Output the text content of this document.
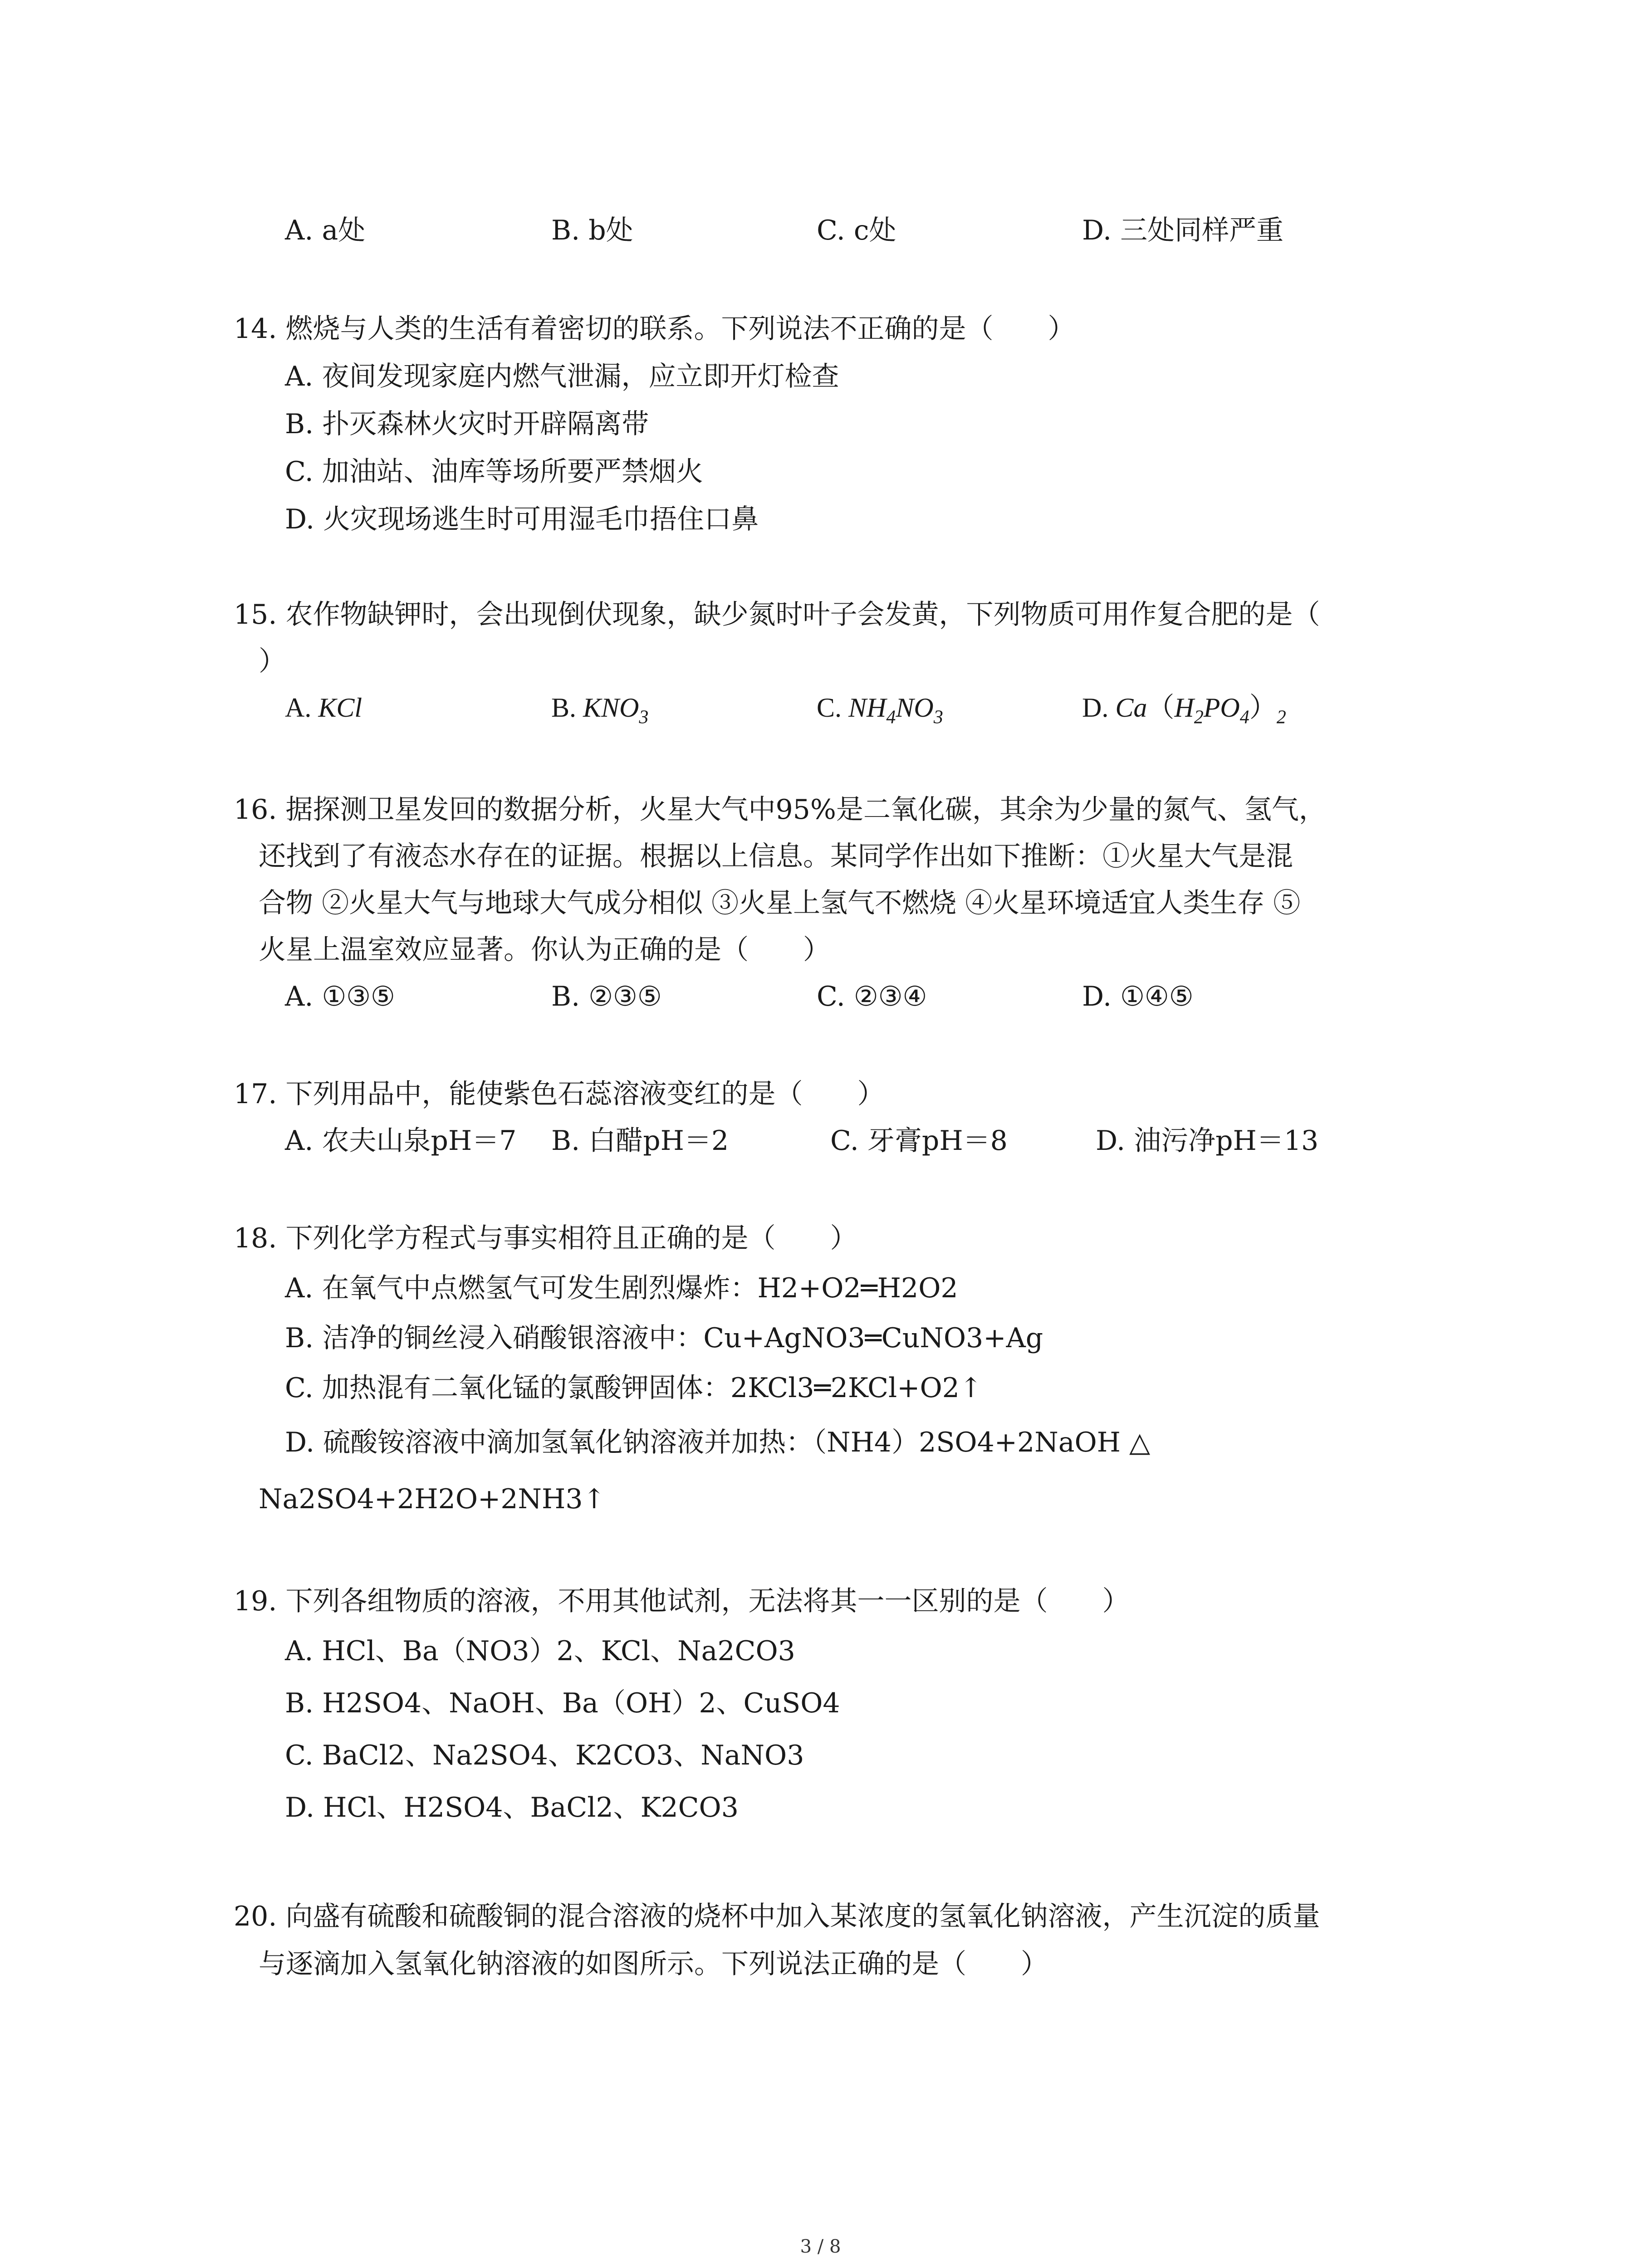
A. a处	B. b处	C. c处	D. 三处同样严重
14. 燃烧与人类的生活有着密切的联系。下列说法不正确的是（　　）
A. 夜间发现家庭内燃气泄漏，应立即开灯检查
B. 扑灭森林火灾时开辟隔离带
C. 加油站、油库等场所要严禁烟火
D. 火灾现场逃生时可用湿毛巾捂住口鼻
15. 农作物缺钾时，会出现倒伏现象，缺少氮时叶子会发黄，下列物质可用作复合肥的是（
）
A. KCl	B. $KNO_3$	C. $NH_4NO_3$	D. $Ca(H_2PO_4)_2$
16. 据探测卫星发回的数据分析，火星大气中95%是二氧化碳，其余为少量的氮气、氢气，
还找到了有液态水存在的证据。根据以上信息。某同学作出如下推断：①火星大气是混
合物 ②火星大气与地球大气成分相似 ③火星上氢气不燃烧 ④火星环境适宜人类生存 ⑤
火星上温室效应显著。你认为正确的是（　　）
A. ①③⑤	B. ②③⑤	C. ②③④	D. ①④⑤
17. 下列用品中，能使紫色石蕊溶液变红的是（　　）
A. 农夫山泉pH＝7 B. 白醋pH＝2	C. 牙膏pH＝8	D. 油污净pH＝13
18. 下列化学方程式与事实相符且正确的是（　　）
A. 在氧气中点燃氢气可发生剧烈爆炸：H2+O2═H2O2
B. 洁净的铜丝浸入硝酸银溶液中：Cu+AgNO3═CuNO3+Ag
C. 加热混有二氧化锰的氯酸钾固体：2KCl3═2KCl+O2↑
D. 硫酸铵溶液中滴加氢氧化钠溶液并加热：（NH4）2SO4+2NaOH △
Na2SO4+2H2O+2NH3↑
19. 下列各组物质的溶液，不用其他试剂，无法将其一一区别的是（　　）
A. HCl、Ba（NO3）2、KCl、Na2CO3
B. H2SO4、NaOH、Ba（OH）2、CuSO4
C. BaCl2、Na2SO4、K2CO3、NaNO3
D. HCl、H2SO4、BaCl2、K2CO3
20. 向盛有硫酸和硫酸铜的混合溶液的烧杯中加入某浓度的氢氧化钠溶液，产生沉淀的质量
与逐滴加入氢氧化钠溶液的如图所示。下列说法正确的是（　　）
3 / 8
